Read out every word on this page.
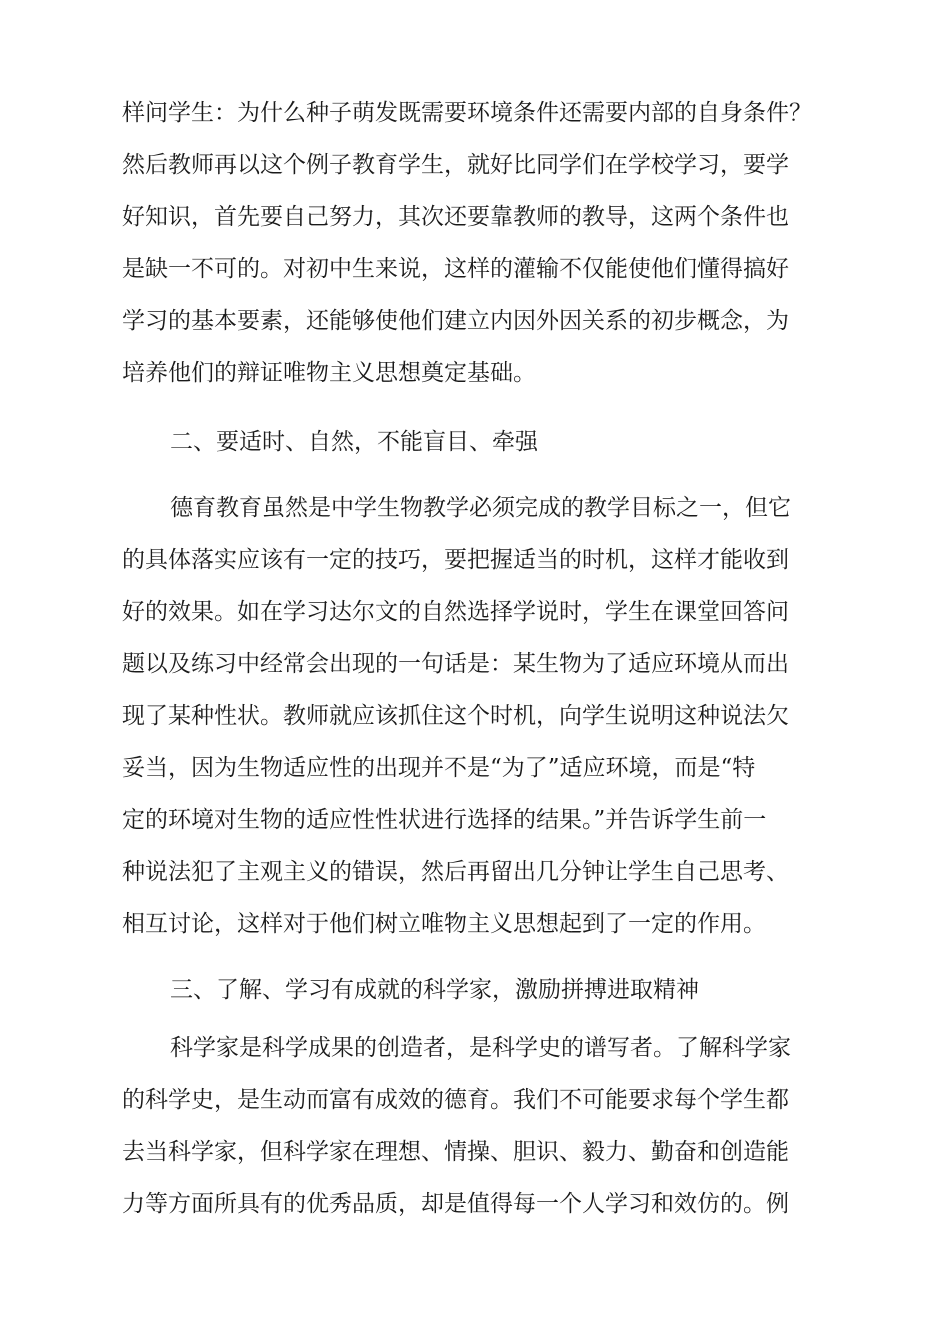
样问学生：为什么种子萌发既需要环境条件还需要内部的自身条件？
然后教师再以这个例子教育学生，就好比同学们在学校学习，要学
好知识，首先要自己努力，其次还要靠教师的教导，这两个条件也
是缺一不可的。对初中生来说，这样的灌输不仅能使他们懂得搞好
学习的基本要素，还能够使他们建立内因外因关系的初步概念，为
培养他们的辩证唯物主义思想奠定基础。
二、要适时、自然，不能盲目、牵强
德育教育虽然是中学生物教学必须完成的教学目标之一，但它
的具体落实应该有一定的技巧，要把握适当的时机，这样才能收到
好的效果。如在学习达尔文的自然选择学说时，学生在课堂回答问
题以及练习中经常会出现的一句话是：某生物为了适应环境从而出
现了某种性状。教师就应该抓住这个时机，向学生说明这种说法欠
妥当，因为生物适应性的出现并不是“为了”适应环境，而是“特
定的环境对生物的适应性性状进行选择的结果。”并告诉学生前一
种说法犯了主观主义的错误，然后再留出几分钟让学生自己思考、
相互讨论，这样对于他们树立唯物主义思想起到了一定的作用。
三、了解、学习有成就的科学家，激励拼搏进取精神
科学家是科学成果的创造者，是科学史的谱写者。了解科学家
的科学史，是生动而富有成效的德育。我们不可能要求每个学生都
去当科学家，但科学家在理想、情操、胆识、毅力、勤奋和创造能
力等方面所具有的优秀品质，却是值得每一个人学习和效仿的。例
